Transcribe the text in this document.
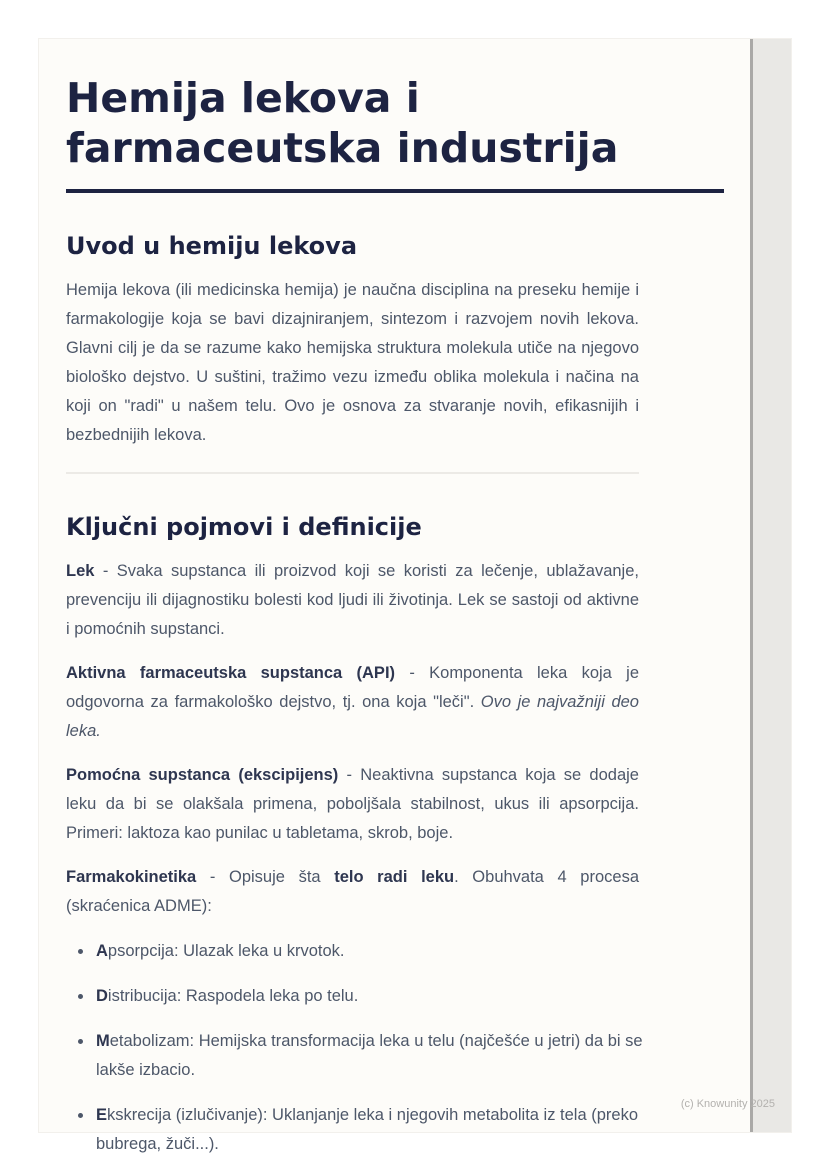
Hemija lekova i
farmaceutska industrija
Uvod u hemiju lekova

Hemija lekova (ili medicinska hemija) je naučna disciplina na preseku hemije i farmakologije koja se bavi dizajniranjem, sintezom i razvojem novih lekova. Glavni cilj je da se razume kako hemijska struktura molekula utiče na njegovo biološko dejstvo. U suštini, tražimo vezu između oblika molekula i načina na koji on "radi" u našem telu. Ovo je osnova za stvaranje novih, efikasnijih i bezbednijih lekova.

Ključni pojmovi i definicije

Lek - Svaka supstanca ili proizvod koji se koristi za lečenje, ublažavanje, prevenciju ili dijagnostiku bolesti kod ljudi ili životinja. Lek se sastoji od aktivne i pomoćnih supstanci.

Aktivna farmaceutska supstanca (API) - Komponenta leka koja je odgovorna za farmakološko dejstvo, tj. ona koja "leči". Ovo je najvažniji deo leka.

Pomoćna supstanca (ekscipijens) - Neaktivna supstanca koja se dodaje leku da bi se olakšala primena, poboljšala stabilnost, ukus ili apsorpcija. Primeri: laktoza kao punilac u tabletama, skrob, boje.

Farmakokinetika - Opisuje šta telo radi leku. Obuhvata 4 procesa (skraćenica ADME):

• Apsorpcija: Ulazak leka u krvotok.
• Distribucija: Raspodela leka po telu.
• Metabolizam: Hemijska transformacija leka u telu (najčešće u jetri) da bi se lakše izbacio.
• Ekskrecija (izlučivanje): Uklanjanje leka i njegovih metabolita iz tela (preko bubrega, žuči...).
(c) Knowunity 2025
